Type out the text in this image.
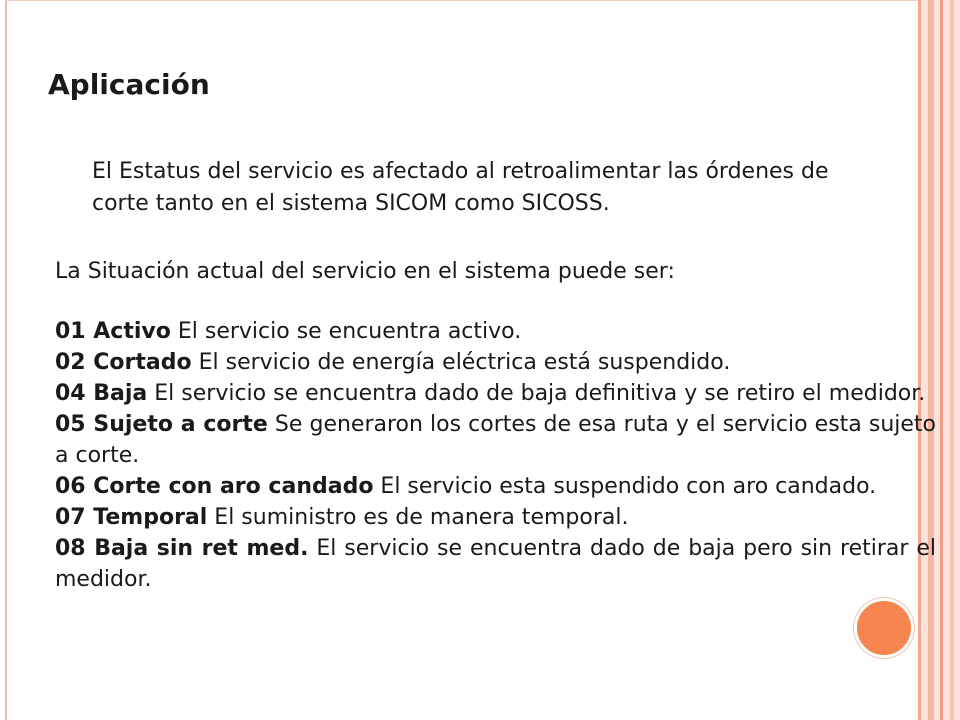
Aplicación

El Estatus del servicio es afectado al retroalimentar las órdenes de corte tanto en el sistema SICOM como SICOSS.

La Situación actual del servicio en el sistema puede ser:

01 Activo El servicio se encuentra activo.
02 Cortado El servicio de energía eléctrica está suspendido.
04 Baja El servicio se encuentra dado de baja definitiva y se retiro el medidor.
05 Sujeto a corte Se generaron los cortes de esa ruta y el servicio esta sujeto a corte.
06 Corte con aro candado El servicio esta suspendido con aro candado.
07 Temporal El suministro es de manera temporal.
08 Baja sin ret med. El servicio se encuentra dado de baja pero sin retirar el medidor.
